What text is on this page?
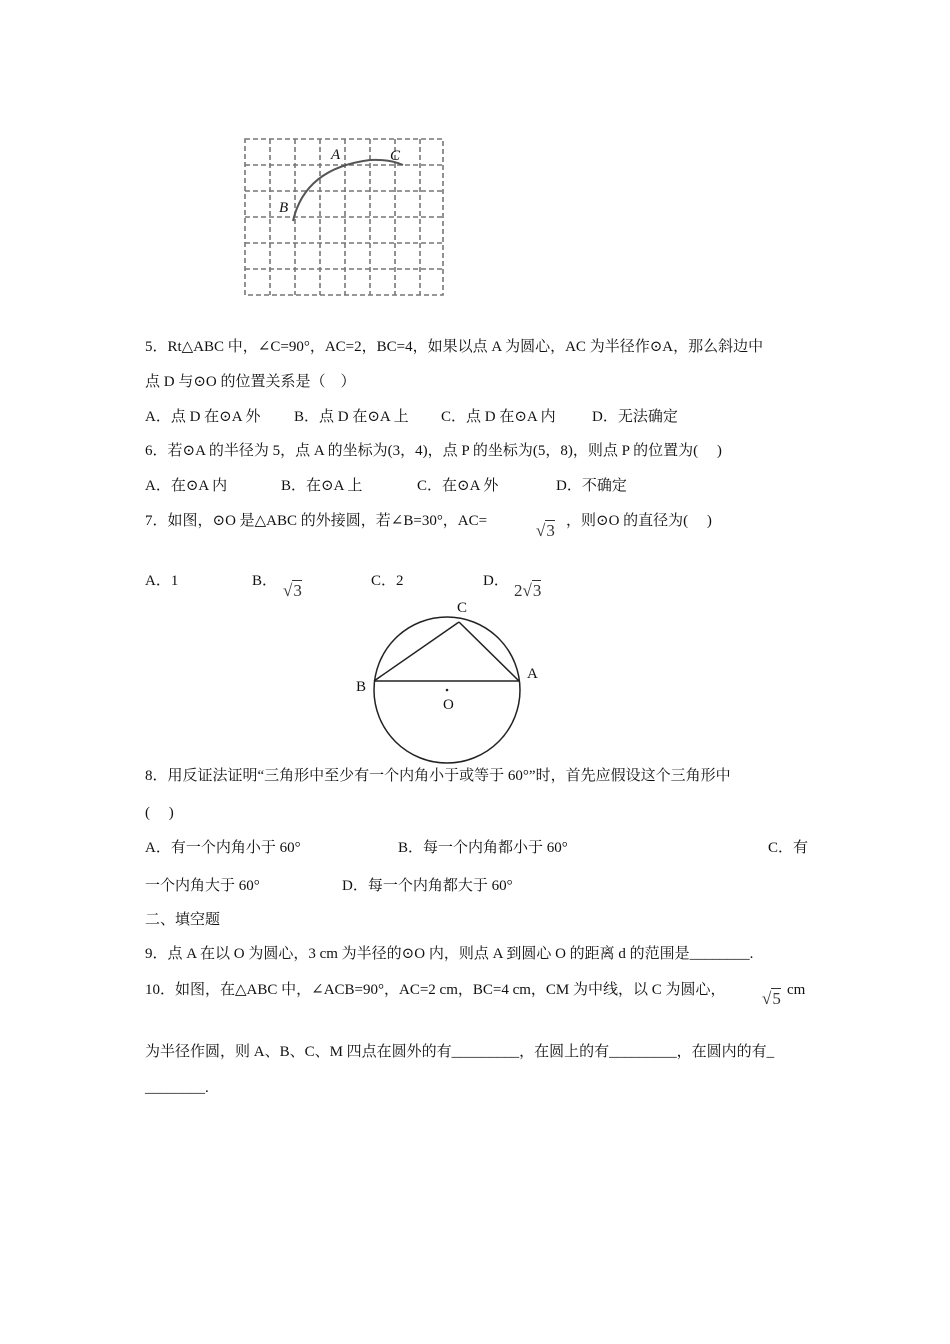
A	C
B
5．Rt△ABC 中，∠C=90°，AC=2，BC=4，如果以点 A 为圆心，AC 为半径作⊙A，那么斜边中
点 D 与⊙O 的位置关系是（　）
A．点 D 在⊙A 外 B．点 D 在⊙A 上 C．点 D 在⊙A 内 D．无法确定
6．若⊙A 的半径为 5，点 A 的坐标为(3，4)，点 P 的坐标为(5，8)，则点 P 的位置为(　 )
A．在⊙A 内	B．在⊙A 上	C．在⊙A 外	D．不确定
7．如图，⊙O 是△ABC 的外接圆，若∠B=30°，AC=	√3 ，则⊙O 的直径为(　 )
A．1	B． √3	C．2	D． 2√3
C
A
B
O
8．用反证法证明“三角形中至少有一个内角小于或等于 60°”时，首先应假设这个三角形中
(　 )
A．有一个内角小于 60°	B．每一个内角都小于 60°	C．有
一个内角大于 60°	D．每一个内角都大于 60°
二、填空题
9．点 A 在以 O 为圆心，3 cm 为半径的⊙O 内，则点 A 到圆心 O 的距离 d 的范围是________.
10．如图，在△ABC 中，∠ACB=90°，AC=2 cm，BC=4 cm，CM 为中线，以 C 为圆心， √5 cm
为半径作圆，则 A、B、C、M 四点在圆外的有_________，在圆上的有_________，在圆内的有_
________.
